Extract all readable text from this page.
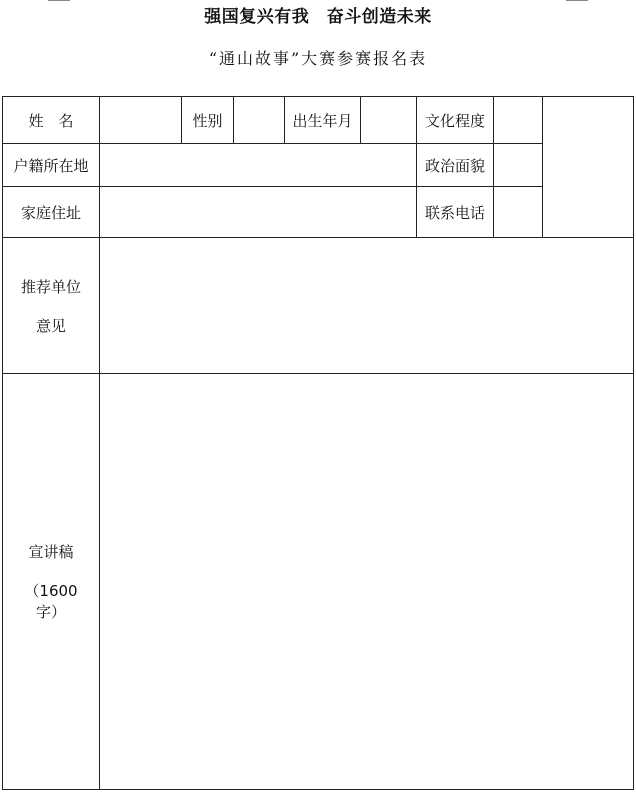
强国复兴有我　奋斗创造未来
“通山故事”大赛参赛报名表
姓　名	性别	出生年月	文化程度
户籍所在地	政治面貌
家庭住址	联系电话
推荐单位
意见
宣讲稿
（1600
字）
